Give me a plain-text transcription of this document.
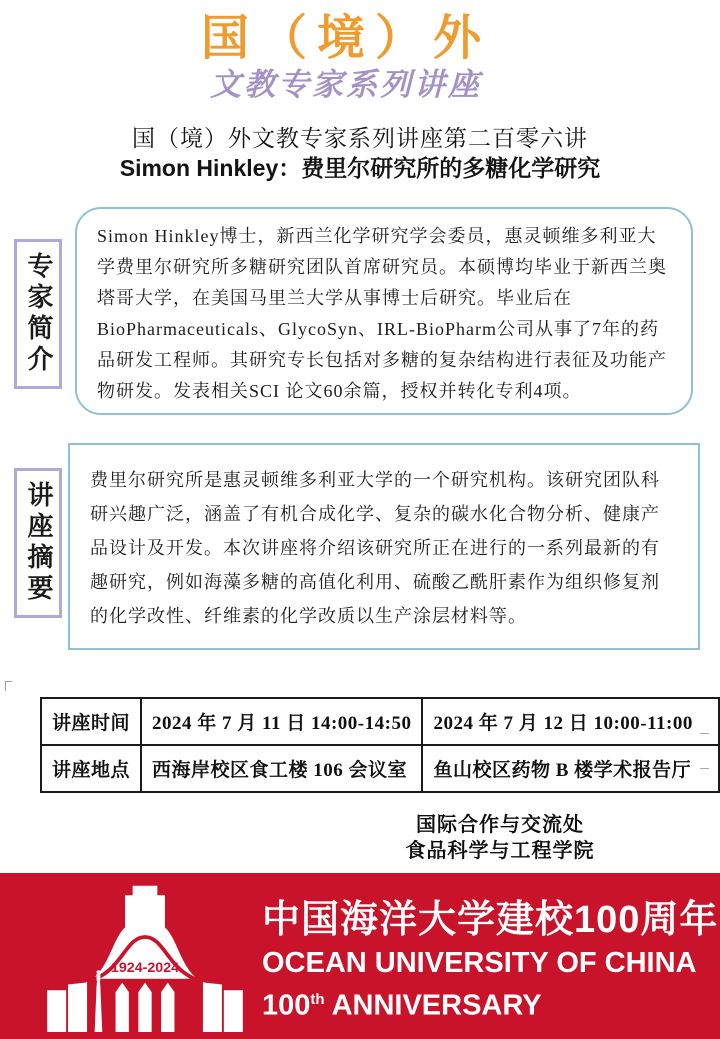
国（境）外
文教专家系列讲座
国（境）外文教专家系列讲座第二百零六讲
Simon Hinkley：费里尔研究所的多糖化学研究
专家简介
Simon Hinkley博士，新西兰化学研究学会委员，惠灵顿维多利亚大学费里尔研究所多糖研究团队首席研究员。本硕博均毕业于新西兰奥塔哥大学，在美国马里兰大学从事博士后研究。毕业后在BioPharmaceuticals、GlycoSyn、IRL-BioPharm公司从事了7年的药品研发工程师。其研究专长包括对多糖的复杂结构进行表征及功能产物研发。发表相关SCI 论文60余篇，授权并转化专利4项。
讲座摘要
费里尔研究所是惠灵顿维多利亚大学的一个研究机构。该研究团队科研兴趣广泛，涵盖了有机合成化学、复杂的碳水化合物分析、健康产品设计及开发。本次讲座将介绍该研究所正在进行的一系列最新的有趣研究，例如海藻多糖的高值化利用、硫酸乙酰肝素作为组织修复剂的化学改性、纤维素的化学改质以生产涂层材料等。
讲座时间	2024 年 7 月 11 日 14:00-14:50	2024 年 7 月 12 日 10:00-11:00
讲座地点	西海岸校区食工楼 106 会议室	鱼山校区药物 B 楼学术报告厅
国际合作与交流处
食品科学与工程学院
1924-2024
中国海洋大学建校100周年
OCEAN UNIVERSITY OF CHINA
100th ANNIVERSARY
